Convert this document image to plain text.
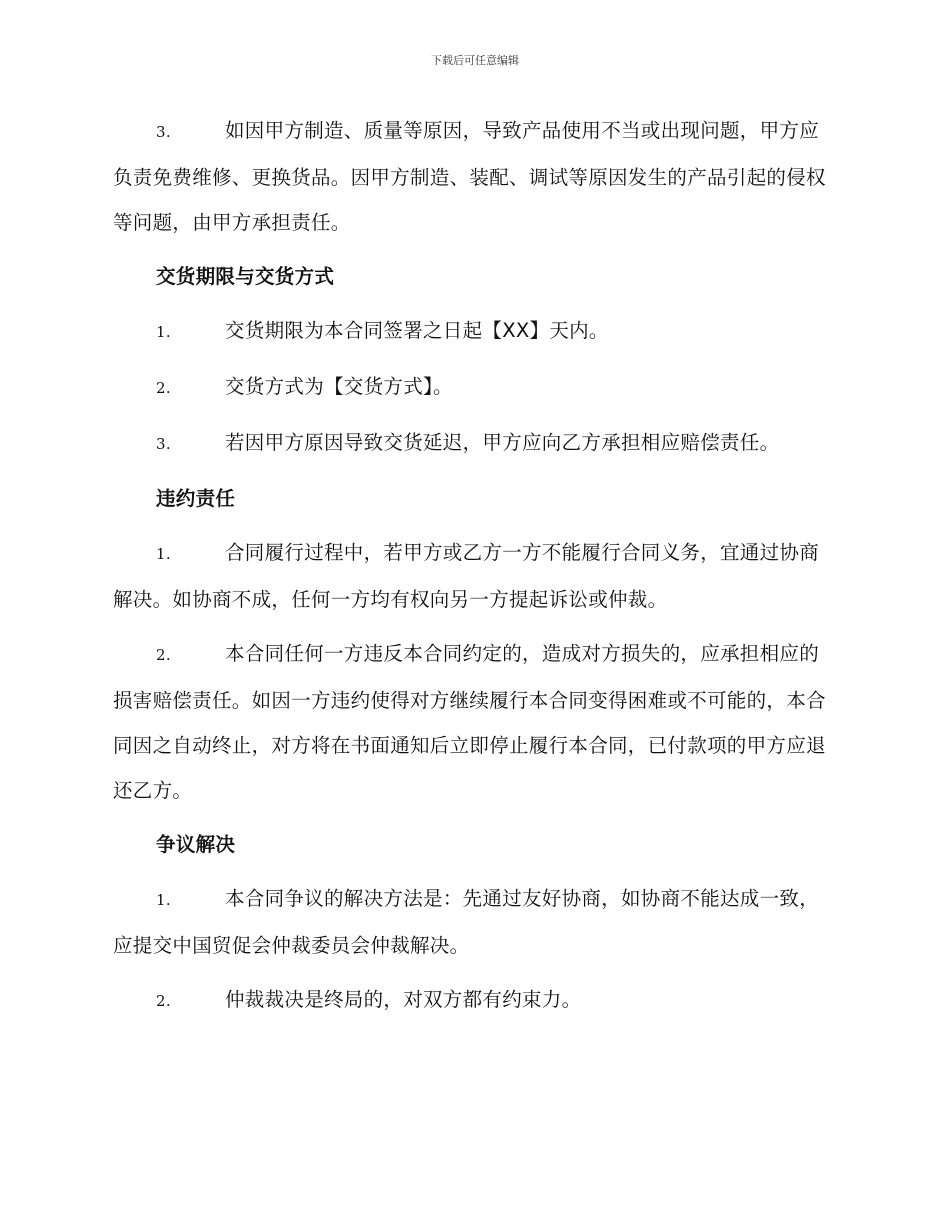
下载后可任意编辑
3.	如因甲方制造、质量等原因，导致产品使用不当或出现问题，甲方应负责免费维修、更换货品。因甲方制造、装配、调试等原因发生的产品引起的侵权等问题，由甲方承担责任。
交货期限与交货方式
1.	交货期限为本合同签署之日起【XX】天内。
2.	交货方式为【交货方式】。
3.	若因甲方原因导致交货延迟，甲方应向乙方承担相应赔偿责任。
违约责任
1.	合同履行过程中，若甲方或乙方一方不能履行合同义务，宜通过协商解决。如协商不成，任何一方均有权向另一方提起诉讼或仲裁。
2.	本合同任何一方违反本合同约定的，造成对方损失的，应承担相应的损害赔偿责任。如因一方违约使得对方继续履行本合同变得困难或不可能的，本合同因之自动终止，对方将在书面通知后立即停止履行本合同，已付款项的甲方应退还乙方。
争议解决
1.	本合同争议的解决方法是：先通过友好协商，如协商不能达成一致，应提交中国贸促会仲裁委员会仲裁解决。
2.	仲裁裁决是终局的，对双方都有约束力。
